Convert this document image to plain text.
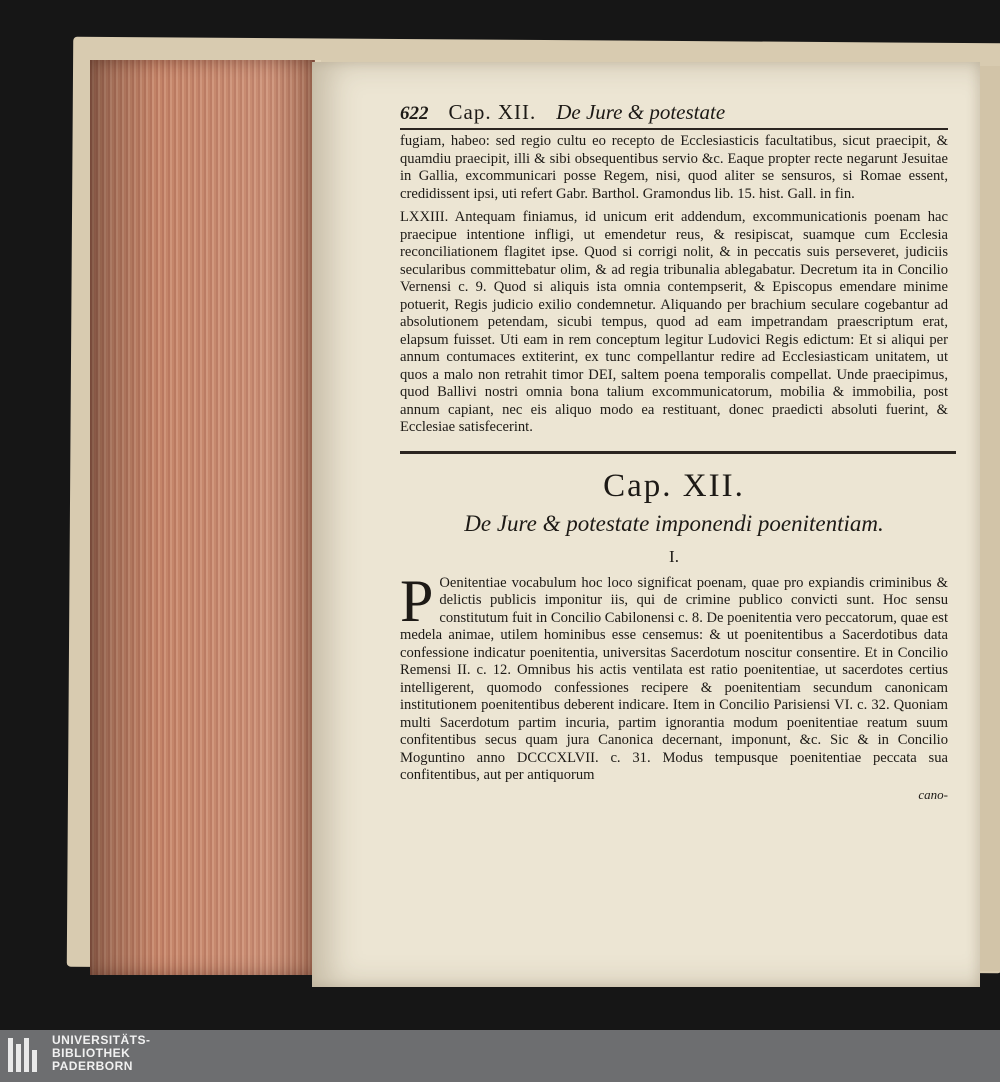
622 Cap. XII. De Jure & potestate

fugiam, habeo: sed regio cultu eo recepto de Ecclesiasticis facultatibus, sicut praecipit, & quamdiu praecipit, illi & sibi obsequentibus servio &c. Eaque propter recte negarunt Jesuitae in Gallia, excommunicari posse Regem, nisi, quod aliter se sensuros, si Romae essent, credidissent ipsi, uti refert Gabr. Barthol. Gramondus lib. 15. hist. Gall. in fin.

LXXIII. Antequam finiamus, id unicum erit addendum, excommunicationis poenam hac praecipue intentione infligi, ut emendetur reus, & resipiscat, suamque cum Ecclesia reconciliationem flagitet ipse. Quod si corrigi nolit, & in peccatis suis perseveret, judiciis secularibus committebatur olim, & ad regia tribunalia ablegabatur. Decretum ita in Concilio Vernensi c. 9. Quod si aliquis ista omnia contempserit, & Episcopus emendare minime potuerit, Regis judicio exilio condemnetur. Aliquando per brachium seculare cogebantur ad absolutionem petendam, sicubi tempus, quod ad eam impetrandam praescriptum erat, elapsum fuisset. Uti eam in rem conceptum legitur Ludovici Regis edictum: Et si aliqui per annum contumaces extiterint, ex tunc compellantur redire ad Ecclesiasticam unitatem, ut quos a malo non retrahit timor DEI, saltem poena temporalis compellat. Unde praecipimus, quod Ballivi nostri omnia bona talium excommunicatorum, mobilia & immobilia, post annum capiant, nec eis aliquo modo ea restituant, donec praedicti absoluti fuerint, & Ecclesiae satisfecerint.

Cap. XII.
De Jure & potestate imponendi poenitentiam.
I.
P Oenitentiae vocabulum hoc loco significat poenam, quae pro expiandis criminibus & delictis publicis imponitur iis, qui de crimine publico convicti sunt. Hoc sensu constitutum fuit in Concilio Cabilonensi c. 8. De poenitentia vero peccatorum, quae est medela animae, utilem hominibus esse censemus: & ut poenitentibus a Sacerdotibus data confessione indicatur poenitentia, universitas Sacerdotum noscitur consentire. Et in Concilio Remensi II. c. 12. Omnibus his actis ventilata est ratio poenitentiae, ut sacerdotes certius intelligerent, quomodo confessiones recipere & poenitentiam secundum canonicam institutionem poenitentibus deberent indicare. Item in Concilio Parisiensi VI. c. 32. Quoniam multi Sacerdotum partim incuria, partim ignorantia modum poenitentiae reatum suum confitentibus secus quam jura Canonica decernant, imponunt, &c. Sic & in Concilio Moguntino anno DCCCXLVII. c. 31. Modus tempusque poenitentiae peccata sua confitentibus, aut per antiquorum
cano-
UNIVERSITÄTS-
BIBLIOTHEK
PADERBORN
